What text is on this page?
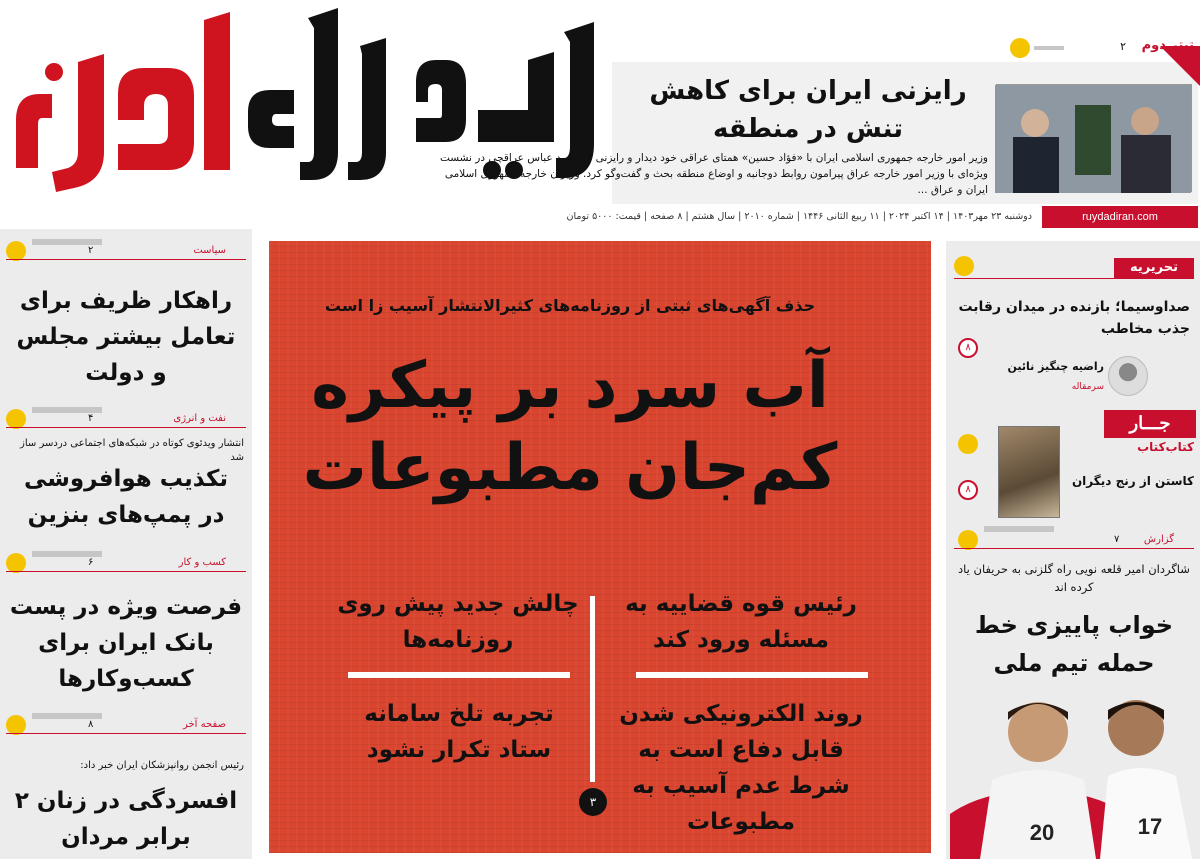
رایزنی ایران برای کاهش تنش در منطقه
وزیر امور خارجه جمهوری اسلامی ایران با «فؤاد حسین» همتای عراقی خود دیدار و رایزنی کرد.سید عباس عراقچی در نشست ویژه‌ای با وزیر امور خارجه عراق پیرامون روابط دوجانبه و اوضاع منطقه بحث و گفت‌وگو کرد. وزیران خارجه جمهوری اسلامی ایران و عراق ...
تیتر دوم
۲
دوشنبه ۲۳ مهر۱۴۰۳ | ۱۴ اکتبر ۲۰۲۴ | ۱۱ ربیع الثانی ۱۴۴۶ | شماره ۲۰۱۰ | سال هشتم | ۸ صفحه | قیمت: ۵۰۰۰ تومان	ruydadiran.com
۲	سیاست
راهکار ظریف برای تعامل بیشتر مجلس و دولت
۴	نفت و انرژی
انتشار ویدئوی کوتاه در شبکه‌های اجتماعی دردسر ساز شد
تکذیب هوافروشی در پمپ‌های بنزین
۶	کسب و کار
فرصت ویژه در پست بانک ایران برای کسب‌وکارها
۸	صفحه آخر
رئیس انجمن روانپزشکان ایران خبر داد:
افسردگی در زنان ۲ برابر مردان
حذف آگهی‌های ثبتی از روزنامه‌های کثیرالانتشار آسیب زا است
آب سرد بر پیکره
کم‌جان مطبوعات
رئیس قوه قضاییه به مسئله ورود کند
چالش جدید پیش روی روزنامه‌ها
روند الکترونیکی شدن قابل دفاع است به شرط عدم آسیب به مطبوعات
تجربه تلخ سامانه ستاد تکرار نشود
۳
تحریریه
صداوسیما؛ بازنده در میدان رقابت جذب مخاطب
۸
راضیه چنگیز نائین
سرمقاله
جـــار
کتاب‌کتاب
کاستن از رنج دیگران
۸
۷ گزارش
شاگردان امیر قلعه نویی راه گلزنی به حریفان یاد کرده اند
خواب پاییزی خط حمله تیم ملی
20	17
